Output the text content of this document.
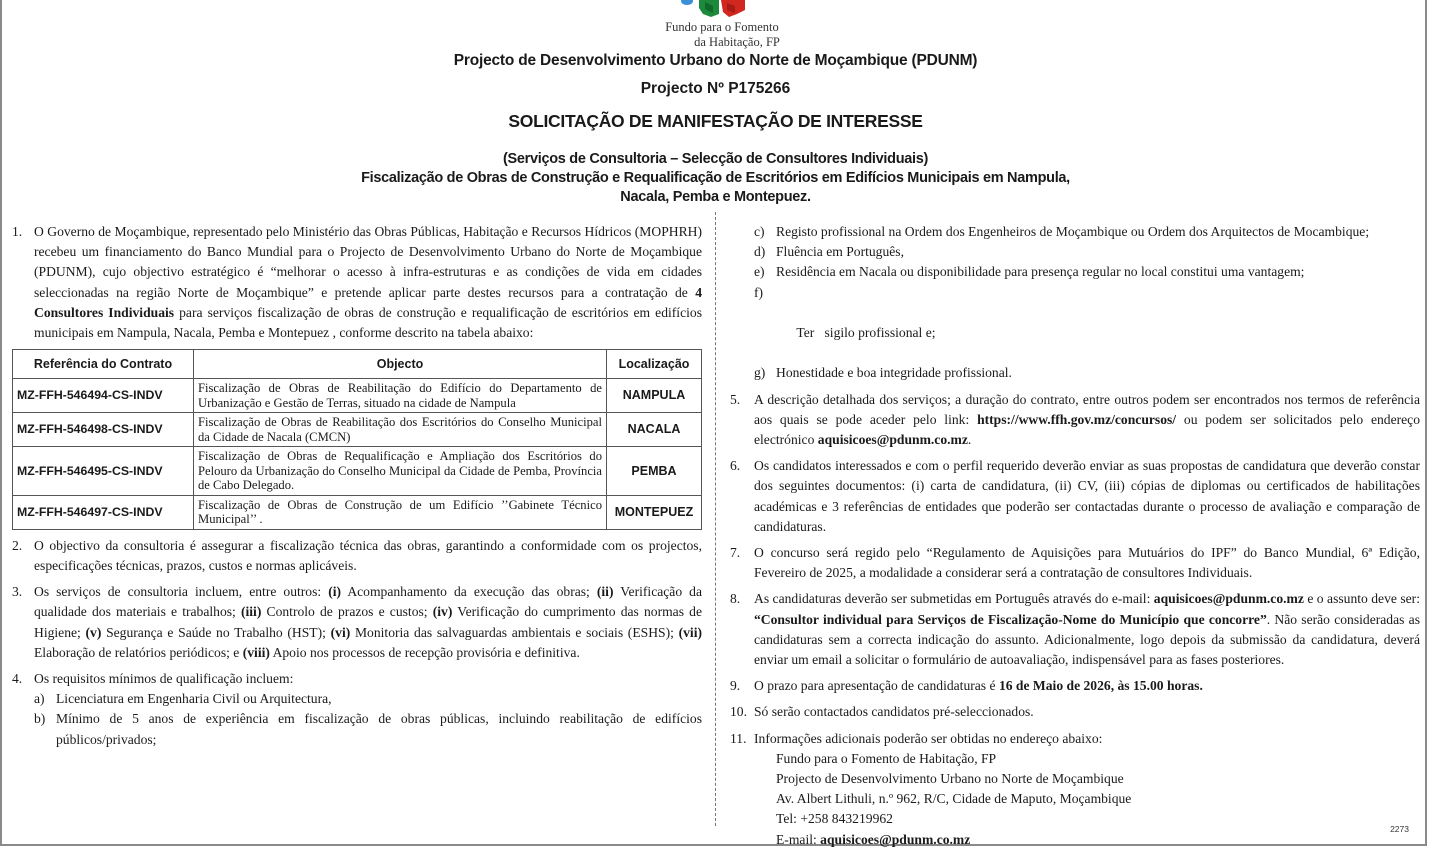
Fundo para o Fomento
da Habitação, FP
Projecto de Desenvolvimento Urbano do Norte de Moçambique (PDUNM)
Projecto Nº P175266
SOLICITAÇÃO DE MANIFESTAÇÃO DE INTERESSE
(Serviços de Consultoria – Selecção de Consultores Individuais)
Fiscalização de Obras de Construção e Requalificação de Escritórios em Edifícios Municipais em Nampula,
Nacala, Pemba e Montepuez.
1. O Governo de Moçambique, representado pelo Ministério das Obras Públicas, Habitação e Recursos Hídricos (MOPHRH) recebeu um financiamento do Banco Mundial para o Projecto de Desenvolvimento Urbano do Norte de Moçambique (PDUNM), cujo objectivo estratégico é “melhorar o acesso à infra-estruturas e as condições de vida em cidades seleccionadas na região Norte de Moçambique” e pretende aplicar parte destes recursos para a contratação de 4 Consultores Individuais para serviços fiscalização de obras de construção e requalificação de escritórios em edifícios municipais em Nampula, Nacala, Pemba e Montepuez , conforme descrito na tabela abaixo:
Referência do Contrato	Objecto	Localização
MZ-FFH-546494-CS-INDV	Fiscalização de Obras de Reabilitação do Edifício do Departamento de Urbanização e Gestão de Terras, situado na cidade de Nampula	NAMPULA
MZ-FFH-546498-CS-INDV	Fiscalização de Obras de Reabilitação dos Escritórios do Conselho Municipal da Cidade de Nacala (CMCN)	NACALA
MZ-FFH-546495-CS-INDV	Fiscalização de Obras de Requalificação e Ampliação dos Escritórios do Pelouro da Urbanização do Conselho Municipal da Cidade de Pemba, Província de Cabo Delegado.	PEMBA
MZ-FFH-546497-CS-INDV	Fiscalização de Obras de Construção de um Edifício ’’Gabinete Técnico Municipal’’ .	MONTEPUEZ
2. O objectivo da consultoria é assegurar a fiscalização técnica das obras, garantindo a conformidade com os projectos, especificações técnicas, prazos, custos e normas aplicáveis.
3. Os serviços de consultoria incluem, entre outros: (i) Acompanhamento da execução das obras; (ii) Verificação da qualidade dos materiais e trabalhos; (iii) Controlo de prazos e custos; (iv) Verificação do cumprimento das normas de Higiene; (v) Segurança e Saúde no Trabalho (HST); (vi) Monitoria das salvaguardas ambientais e sociais (ESHS); (vii) Elaboração de relatórios periódicos; e (viii) Apoio nos processos de recepção provisória e definitiva.
4. Os requisitos mínimos de qualificação incluem:
a) Licenciatura em Engenharia Civil ou Arquitectura,
b) Mínimo de 5 anos de experiência em fiscalização de obras públicas, incluindo reabilitação de edifícios públicos/privados;
c) Registo profissional na Ordem dos Engenheiros de Moçambique ou Ordem dos Arquitectos de Mocambique;
d) Fluência em Português,
e) Residência em Nacala ou disponibilidade para presença regular no local constitui uma vantagem;

f)

Ter   sigilo profissional e;

g) Honestidade e boa integridade profissional.
5. A descrição detalhada dos serviços; a duração do contrato, entre outros podem ser encontrados nos termos de referência aos quais se pode aceder pelo link: https://www.ffh.gov.mz/concursos/ ou podem ser solicitados pelo endereço electrónico aquisicoes@pdunm.co.mz.
6. Os candidatos interessados e com o perfil requerido deverão enviar as suas propostas de candidatura que deverão constar dos seguintes documentos: (i) carta de candidatura, (ii) CV, (iii) cópias de diplomas ou certificados de habilitações académicas e 3 referências de entidades que poderão ser contactadas durante o processo de avaliação e comparação de candidaturas.
7. O concurso será regido pelo “Regulamento de Aquisições para Mutuários do IPF” do Banco Mundial, 6ª Edição, Fevereiro de 2025, a modalidade a considerar será a contratação de consultores Individuais.
8. As candidaturas deverão ser submetidas em Português através do e-mail: aquisicoes@pdunm.co.mz e o assunto deve ser: “Consultor individual para Serviços de Fiscalização-Nome do Município que concorre”. Não serão consideradas as candidaturas sem a correcta indicação do assunto. Adicionalmente, logo depois da submissão da candidatura, deverá enviar um email a solicitar o formulário de autoavaliação, indispensável para as fases posteriores.
9. O prazo para apresentação de candidaturas é 16 de Maio de 2026, às 15.00 horas.
10. Só serão contactados candidatos pré-seleccionados.
11. Informações adicionais poderão ser obtidas no endereço abaixo:
Fundo para o Fomento de Habitação, FP
Projecto de Desenvolvimento Urbano no Norte de Moçambique
Av. Albert Lithuli, n.º 962, R/C, Cidade de Maputo, Moçambique
Tel: +258 843219962
E-mail: aquisicoes@pdunm.co.mz
2273
